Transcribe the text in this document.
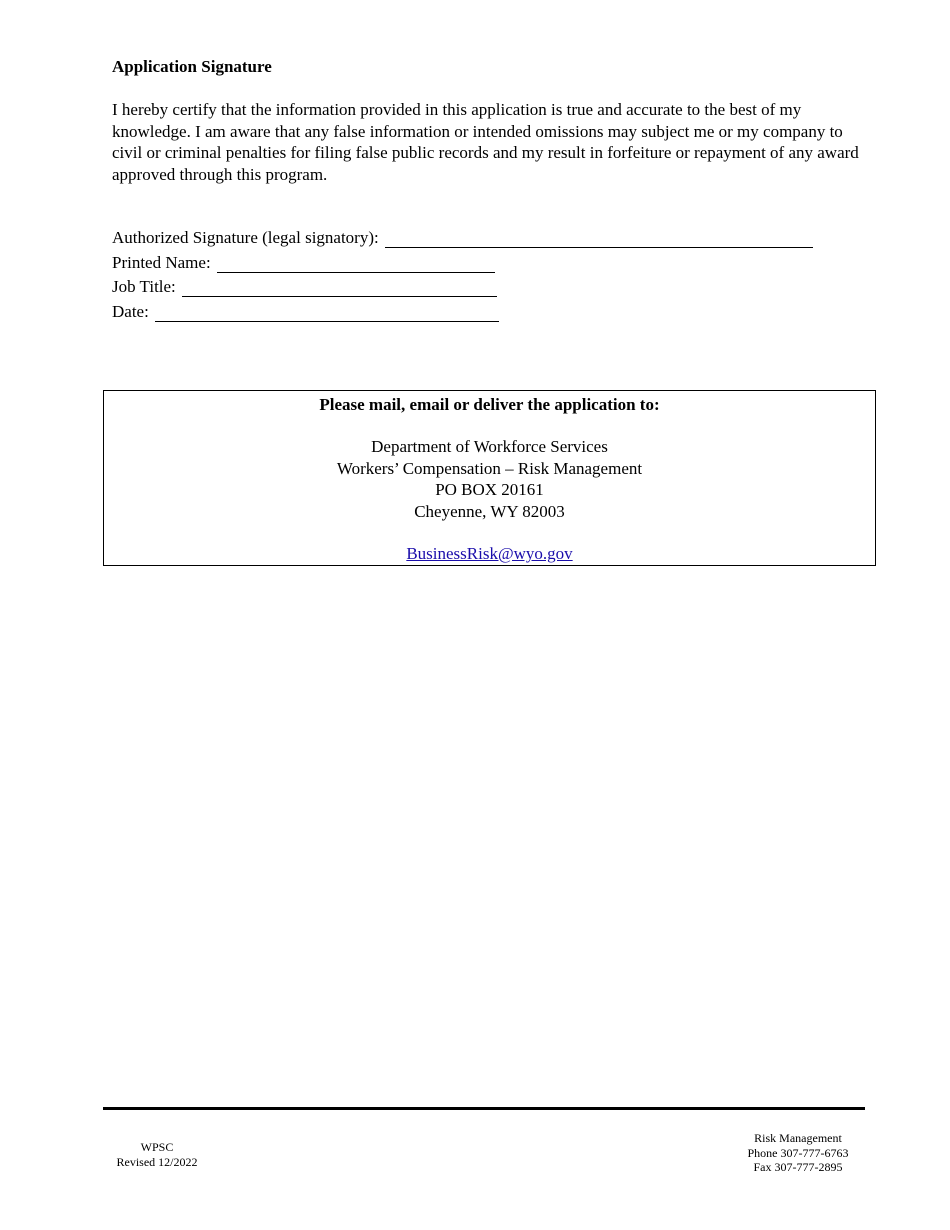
Application Signature
I hereby certify that the information provided in this application is true and accurate to the best of my knowledge. I am aware that any false information or intended omissions may subject me or my company to civil or criminal penalties for filing false public records and my result in forfeiture or repayment of any award approved through this program.
Authorized Signature (legal signatory):
Printed Name:
Job Title:
Date:
Please mail, email or deliver the application to:
Department of Workforce Services
Workers’ Compensation – Risk Management
PO BOX 20161
Cheyenne, WY 82003
BusinessRisk@wyo.gov
WPSC
Revised 12/2022
Risk Management
Phone 307-777-6763
Fax 307-777-2895
